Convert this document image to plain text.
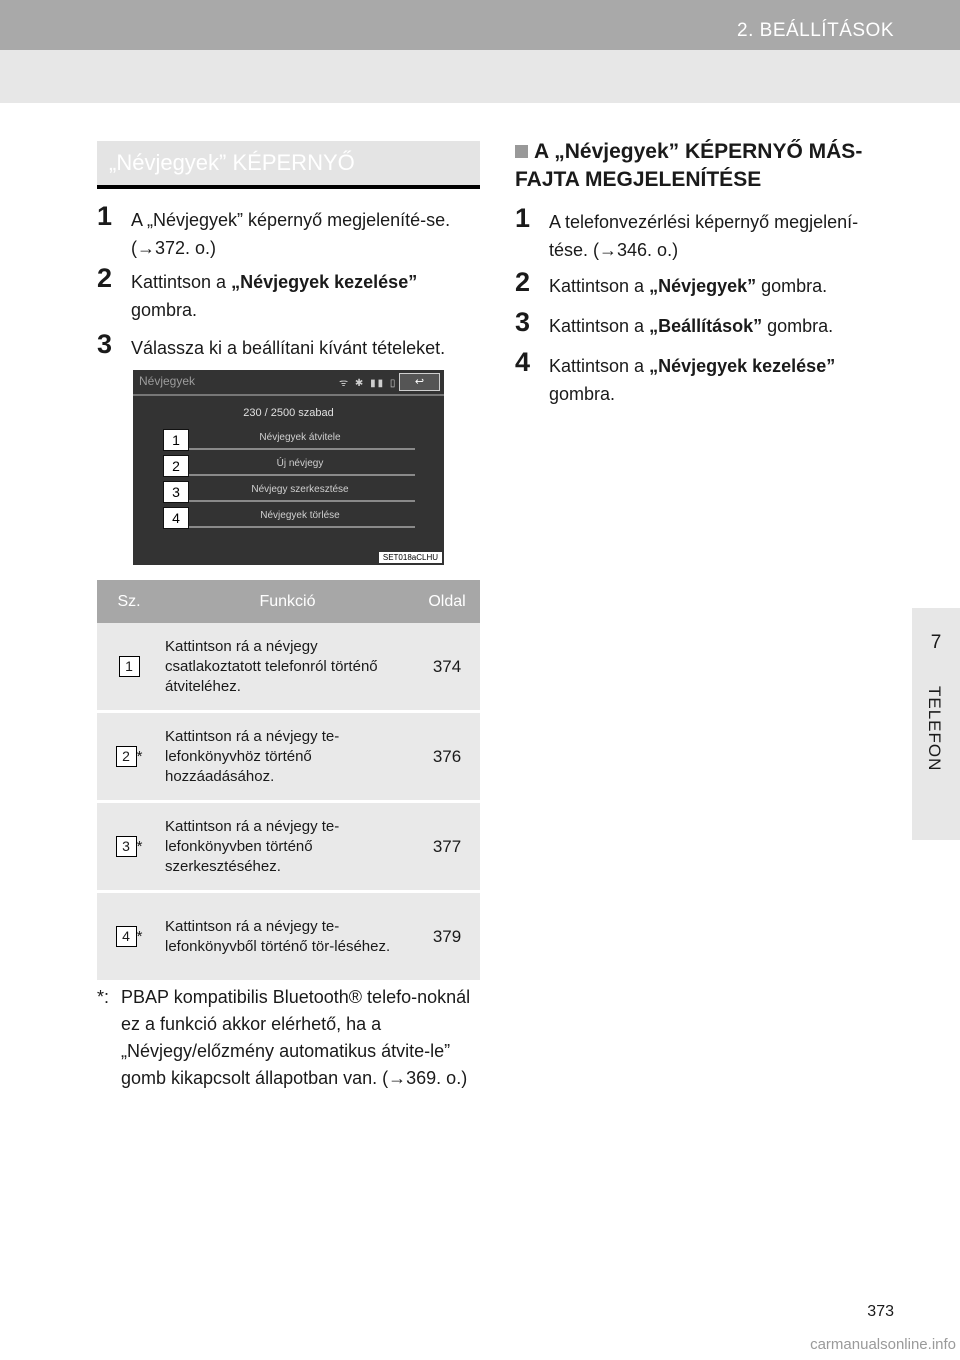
2. BEÁLLÍTÁSOK
7
TELEFON
„Névjegyek” KÉPERNYŐ
1	A „Névjegyek” képernyő megjeleníté-se. (→372. o.)
2	Kattintson a „Névjegyek kezelése” gombra.
3	Válassza ki a beállítani kívánt tételeket.
Névjegyek	ᯤ ✱ ▮▮ ▯	↩
230 / 2500 szabad
Névjegyek átvitele
Új névjegy
Névjegy szerkesztése
Névjegyek törlése
1
2
3
4
SET018aCLHU
Sz.	Funkció	Oldal
1	Kattintson rá a névjegy csatlakoztatott telefonról történő átviteléhez.	374
2 *	Kattintson rá a névjegy te-lefonkönyvhöz történő hozzáadásához.	376
3 *	Kattintson rá a névjegy te-lefonkönyvben történő szerkesztéséhez.	377
4 *	Kattintson rá a névjegy te-lefonkönyvből történő tör-léséhez.	379
*: PBAP kompatibilis Bluetooth® telefo-noknál ez a funkció akkor elérhető, ha a „Névjegy/előzmény automatikus átvite-le” gomb kikapcsolt állapotban van. (→369. o.)
A „Névjegyek” KÉPERNYŐ MÁS-FAJTA MEGJELENÍTÉSE
1	A telefonvezérlési képernyő megjelení-tése. (→346. o.)
2	Kattintson a „Névjegyek” gombra.
3	Kattintson a „Beállítások” gombra.
4	Kattintson a „Névjegyek kezelése” gombra.
373
carmanualsonline.info
